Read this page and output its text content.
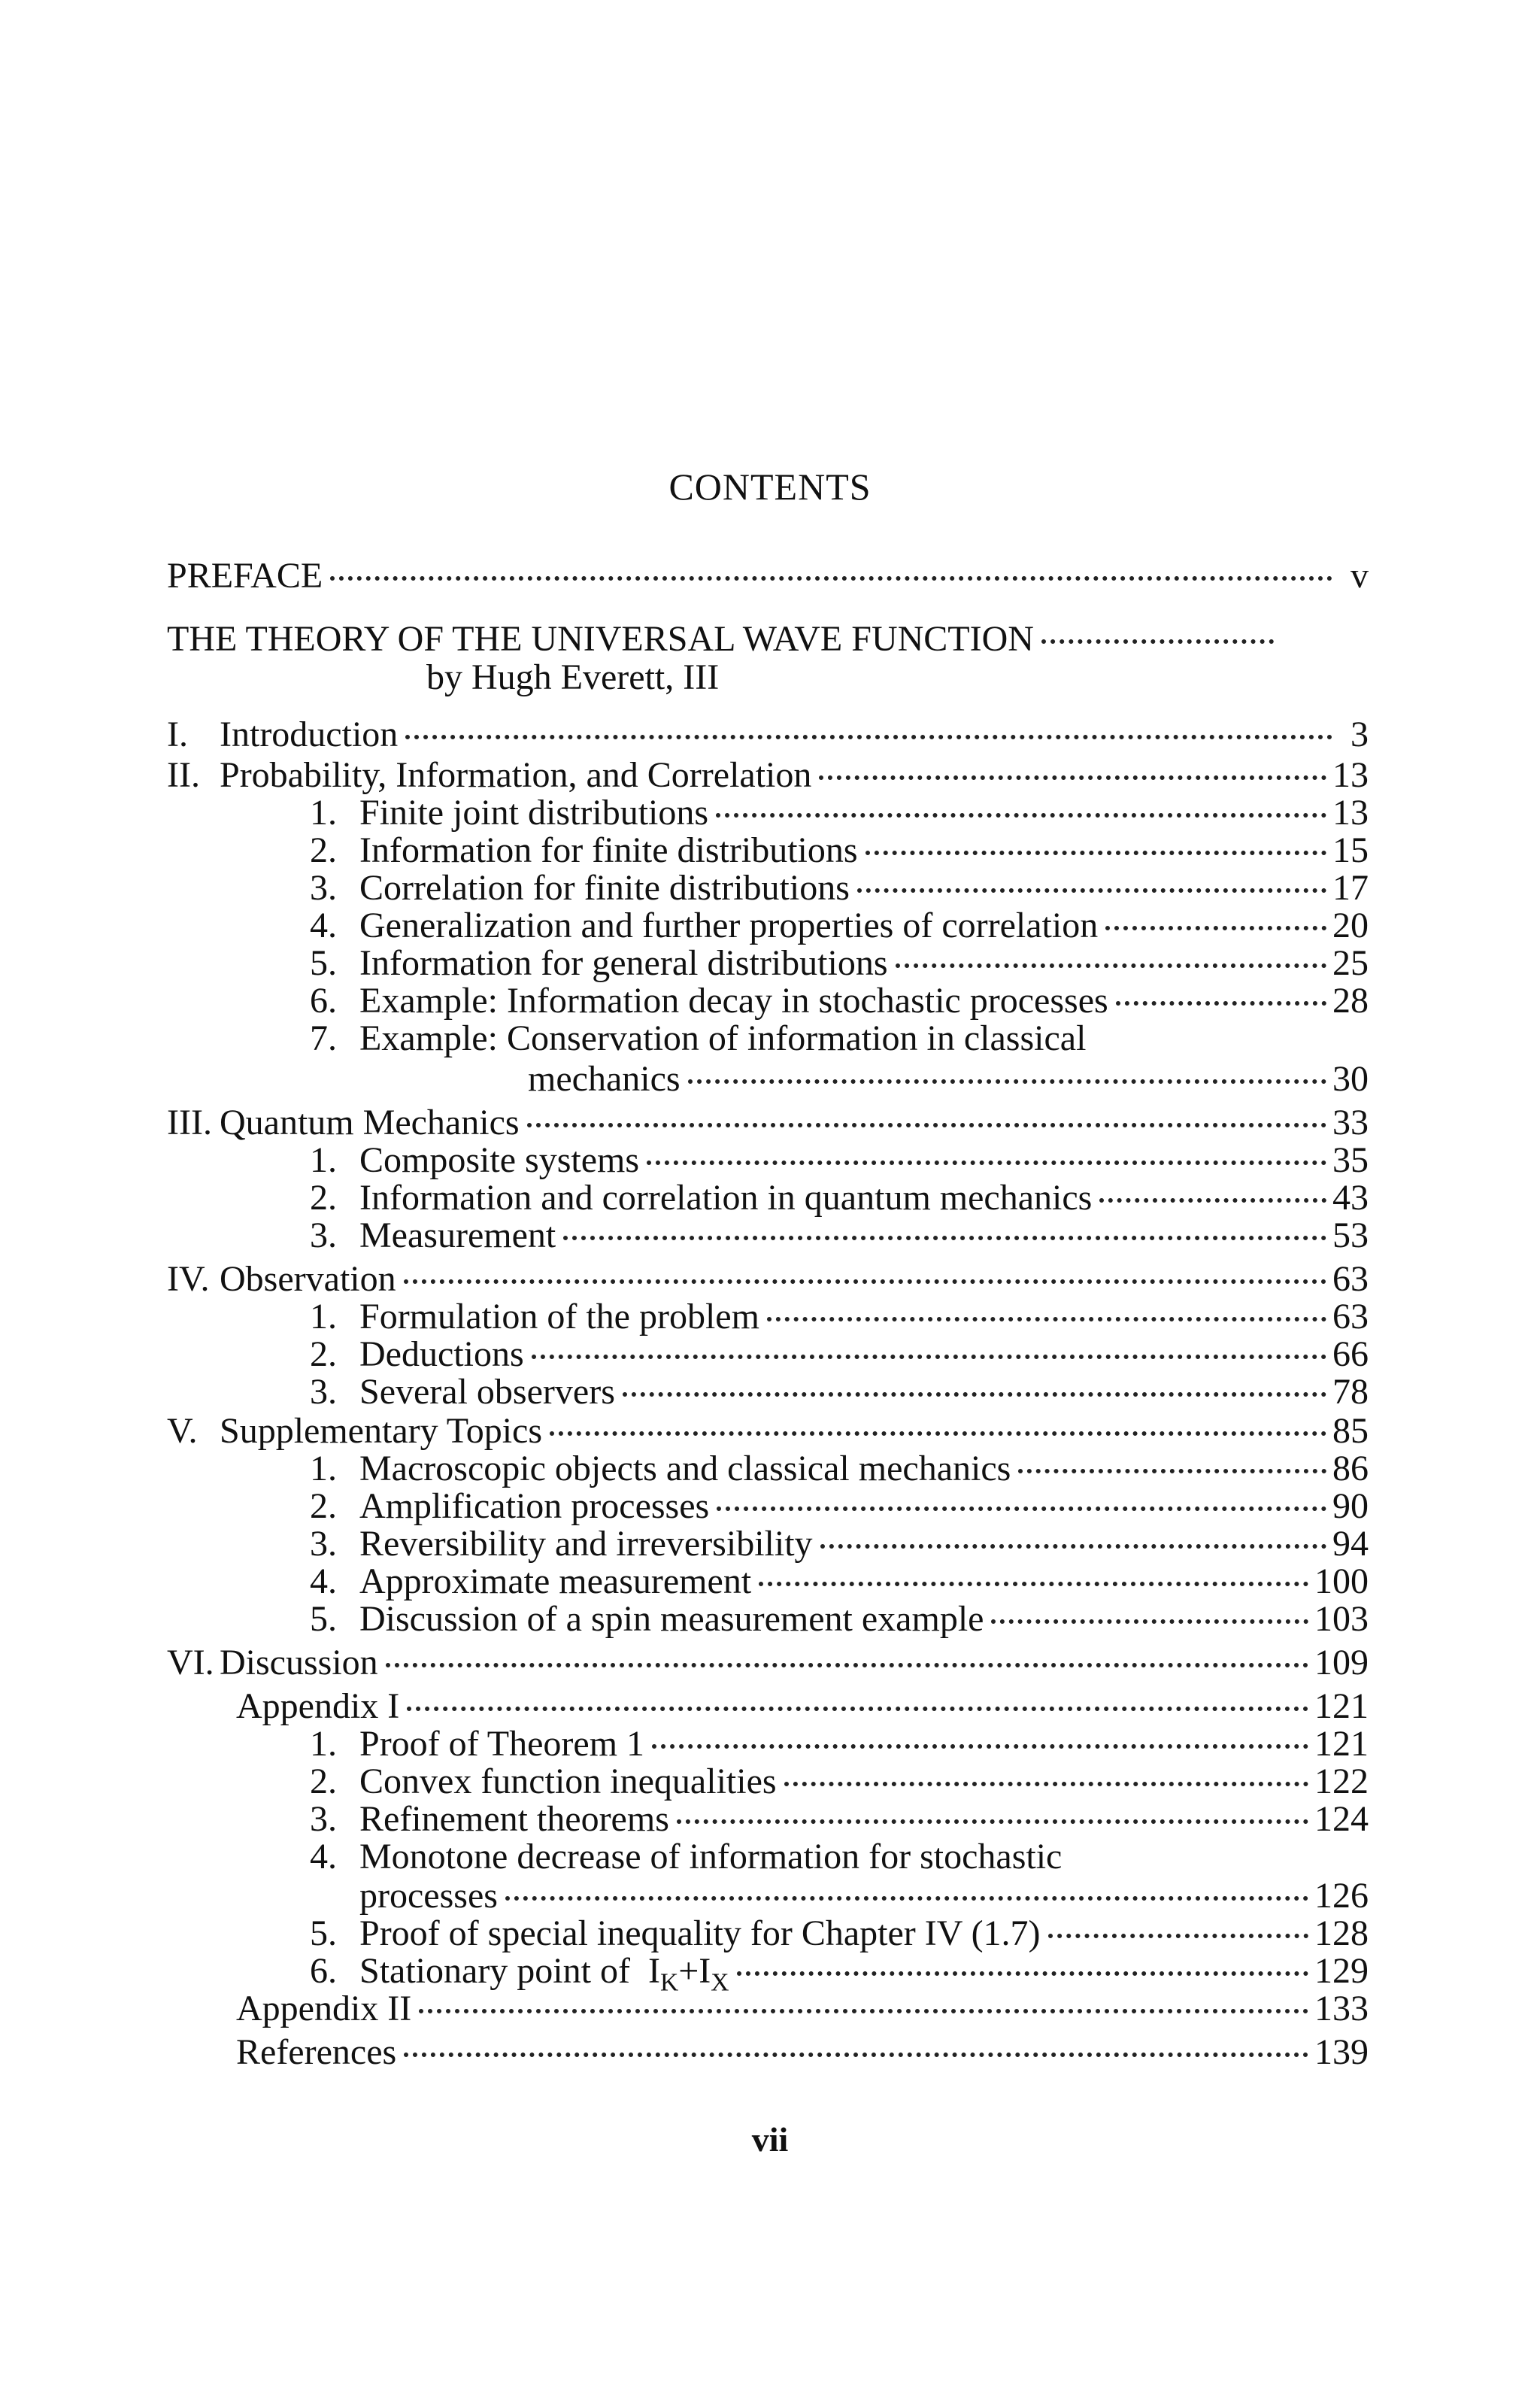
CONTENTS
PREFACE	v
THE THEORY OF THE UNIVERSAL WAVE FUNCTION
by Hugh Everett, III
I. Introduction	3
II. Probability, Information, and Correlation	13
1. Finite joint distributions	13
2. Information for finite distributions	15
3. Correlation for finite distributions	17
4. Generalization and further properties of correlation	20
5. Information for general distributions	25
6. Example: Information decay in stochastic processes	28
7. Example: Conservation of information in classical
mechanics	30
III. Quantum Mechanics	33
1. Composite systems	35
2. Information and correlation in quantum mechanics	43
3. Measurement	53
IV. Observation	63
1. Formulation of the problem	63
2. Deductions	66
3. Several observers	78
V. Supplementary Topics	85
1. Macroscopic objects and classical mechanics	86
2. Amplification processes	90
3. Reversibility and irreversibility	94
4. Approximate measurement	100
5. Discussion of a spin measurement example	103
VI. Discussion	109
Appendix I	121
1. Proof of Theorem 1	121
2. Convex function inequalities	122
3. Refinement theorems	124
4. Monotone decrease of information for stochastic
processes	126
5. Proof of special inequality for Chapter IV (1.7)	128
6. Stationary point of $I_K+I_X$	129
Appendix II	133
References	139
vii
